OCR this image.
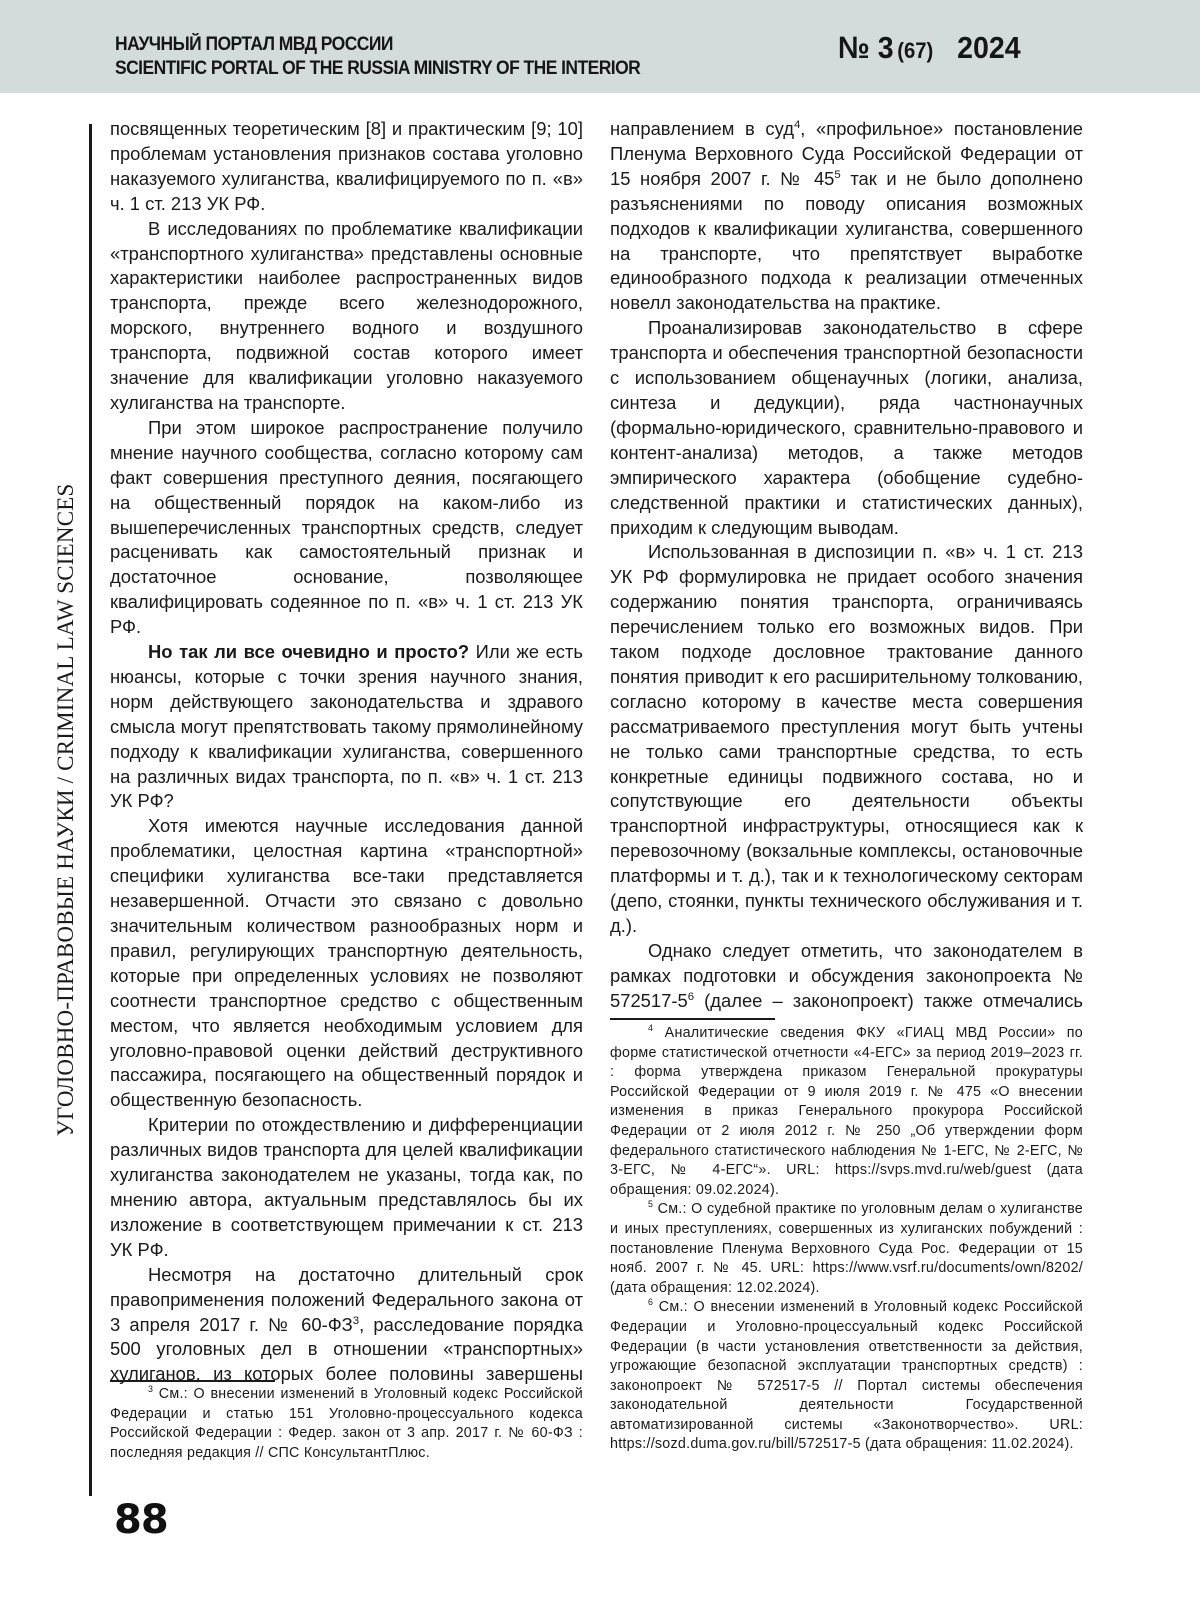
НАУЧНЫЙ ПОРТАЛ МВД РОССИИ
SCIENTIFIC PORTAL OF THE RUSSIA MINISTRY OF THE INTERIOR
№ 3 (67) 2024
УГОЛОВНО-ПРАВОВЫЕ НАУКИ / CRIMINAL LAW SCIENCES

посвященных теоретическим [8] и практическим [9; 10] проблемам установления признаков состава уголовно наказуемого хулиганства, квалифицируемого по п. «в» ч. 1 ст. 213 УК РФ.

В исследованиях по проблематике квалификации «транспортного хулиганства» представлены основные характеристики наиболее распространенных видов транспорта, прежде всего железнодорожного, морского, внутреннего водного и воздушного транспорта, подвижной состав которого имеет значение для квалификации уголовно наказуемого хулиганства на транспорте.

При этом широкое распространение получило мнение научного сообщества, согласно которому сам факт совершения преступного деяния, посягающего на общественный порядок на каком-либо из вышеперечисленных транспортных средств, следует расценивать как самостоятельный признак и достаточное основание, позволяющее квалифицировать содеянное по п. «в» ч. 1 ст. 213 УК РФ.

Но так ли все очевидно и просто? Или же есть нюансы, которые с точки зрения научного знания, норм действующего законодательства и здравого смысла могут препятствовать такому прямолинейному подходу к квалификации хулиганства, совершенного на различных видах транспорта, по п. «в» ч. 1 ст. 213 УК РФ?

Хотя имеются научные исследования данной проблематики, целостная картина «транспортной» специфики хулиганства все-таки представляется незавершенной. Отчасти это связано с довольно значительным количеством разнообразных норм и правил, регулирующих транспортную деятельность, которые при определенных условиях не позволяют соотнести транспортное средство с общественным местом, что является необходимым условием для уголовно-правовой оценки действий деструктивного пассажира, посягающего на общественный порядок и общественную безопасность.

Критерии по отождествлению и дифференциации различных видов транспорта для целей квалификации хулиганства законодателем не указаны, тогда как, по мнению автора, актуальным представлялось бы их изложение в соответствующем примечании к ст. 213 УК РФ.

Несмотря на достаточно длительный срок правоприменения положений Федерального закона от 3 апреля 2017 г. № 60-ФЗ3, расследование порядка 500 уголовных дел в отношении «транспортных» хулиганов, из которых более половины завершены

3 См.: О внесении изменений в Уголовный кодекс Российской Федерации и статью 151 Уголовно-процессуального кодекса Российской Федерации : Федер. закон от 3 апр. 2017 г. № 60-ФЗ : последняя редакция // СПС КонсультантПлюс.

направлением в суд4, «профильное» постановление Пленума Верховного Суда Российской Федерации от 15 ноября 2007 г. № 455 так и не было дополнено разъяснениями по поводу описания возможных подходов к квалификации хулиганства, совершенного на транспорте, что препятствует выработке единообразного подхода к реализации отмеченных новелл законодательства на практике.

Проанализировав законодательство в сфере транспорта и обеспечения транспортной безопасности с использованием общенаучных (логики, анализа, синтеза и дедукции), ряда частнонаучных (формально-юридического, сравнительно-правового и контент-анализа) методов, а также методов эмпирического характера (обобщение судебно-следственной практики и статистических данных), приходим к следующим выводам.

Использованная в диспозиции п. «в» ч. 1 ст. 213 УК РФ формулировка не придает особого значения содержанию понятия транспорта, ограничиваясь перечислением только его возможных видов. При таком подходе дословное трактование данного понятия приводит к его расширительному толкованию, согласно которому в качестве места совершения рассматриваемого преступления могут быть учтены не только сами транспортные средства, то есть конкретные единицы подвижного состава, но и сопутствующие его деятельности объекты транспортной инфраструктуры, относящиеся как к перевозочному (вокзальные комплексы, остановочные платформы и т. д.), так и к технологическому секторам (депо, стоянки, пункты технического обслуживания и т. д.).

Однако следует отметить, что законодателем в рамках подготовки и обсуждения законопроекта № 572517-56 (далее – законопроект) также отмечались

4 Аналитические сведения ФКУ «ГИАЦ МВД России» по форме статистической отчетности «4-ЕГС» за период 2019–2023 гг. : форма утверждена приказом Генеральной прокуратуры Российской Федерации от 9 июля 2019 г. № 475 «О внесении изменения в приказ Генерального прокурора Российской Федерации от 2 июля 2012 г. № 250 „Об утверждении форм федерального статистического наблюдения № 1-ЕГС, № 2-ЕГС, № 3-ЕГС, № 4-ЕГС“». URL: https://svps.mvd.ru/web/guest (дата обращения: 09.02.2024).

5 См.: О судебной практике по уголовным делам о хулиганстве и иных преступлениях, совершенных из хулиганских побуждений : постановление Пленума Верховного Суда Рос. Федерации от 15 нояб. 2007 г. № 45. URL: https://www.vsrf.ru/documents/own/8202/ (дата обращения: 12.02.2024).

6 См.: О внесении изменений в Уголовный кодекс Российской Федерации и Уголовно-процессуальный кодекс Российской Федерации (в части установления ответственности за действия, угрожающие безопасной эксплуатации транспортных средств) : законопроект № 572517-5 // Портал системы обеспечения законодательной деятельности Государственной автоматизированной системы «Законотворчество». URL: https://sozd.duma.gov.ru/bill/572517-5 (дата обращения: 11.02.2024).

88
